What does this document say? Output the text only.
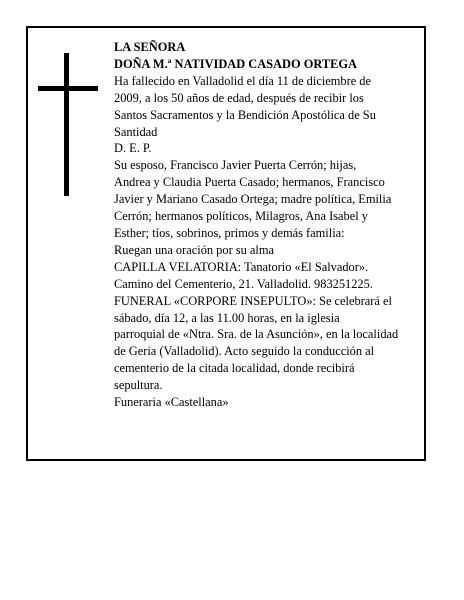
LA SEÑORA
DOÑA M.ª NATIVIDAD CASADO ORTEGA
Ha fallecido en Valladolid el día 11 de diciembre de
2009, a los 50 años de edad, después de recibir los
Santos Sacramentos y la Bendición Apostólica de Su
Santidad
D. E. P.
Su esposo, Francisco Javier Puerta Cerrón; hijas,
Andrea y Claudia Puerta Casado; hermanos, Francisco
Javier y Mariano Casado Ortega; madre política, Emilia
Cerrón; hermanos políticos, Milagros, Ana Isabel y
Esther; tíos, sobrinos, primos y demás familia:
Ruegan una oración por su alma
CAPILLA VELATORIA: Tanatorio «El Salvador».
Camino del Cementerio, 21. Valladolid. 983251225.
FUNERAL «CORPORE INSEPULTO»: Se celebrará el
sábado, día 12, a las 11.00 horas, en la iglesia
parroquial de «Ntra. Sra. de la Asunción», en la localidad
de Geria (Valladolid). Acto seguido la conducción al
cementerio de la citada localidad, donde recibirá
sepultura.
Funeraria «Castellana»
